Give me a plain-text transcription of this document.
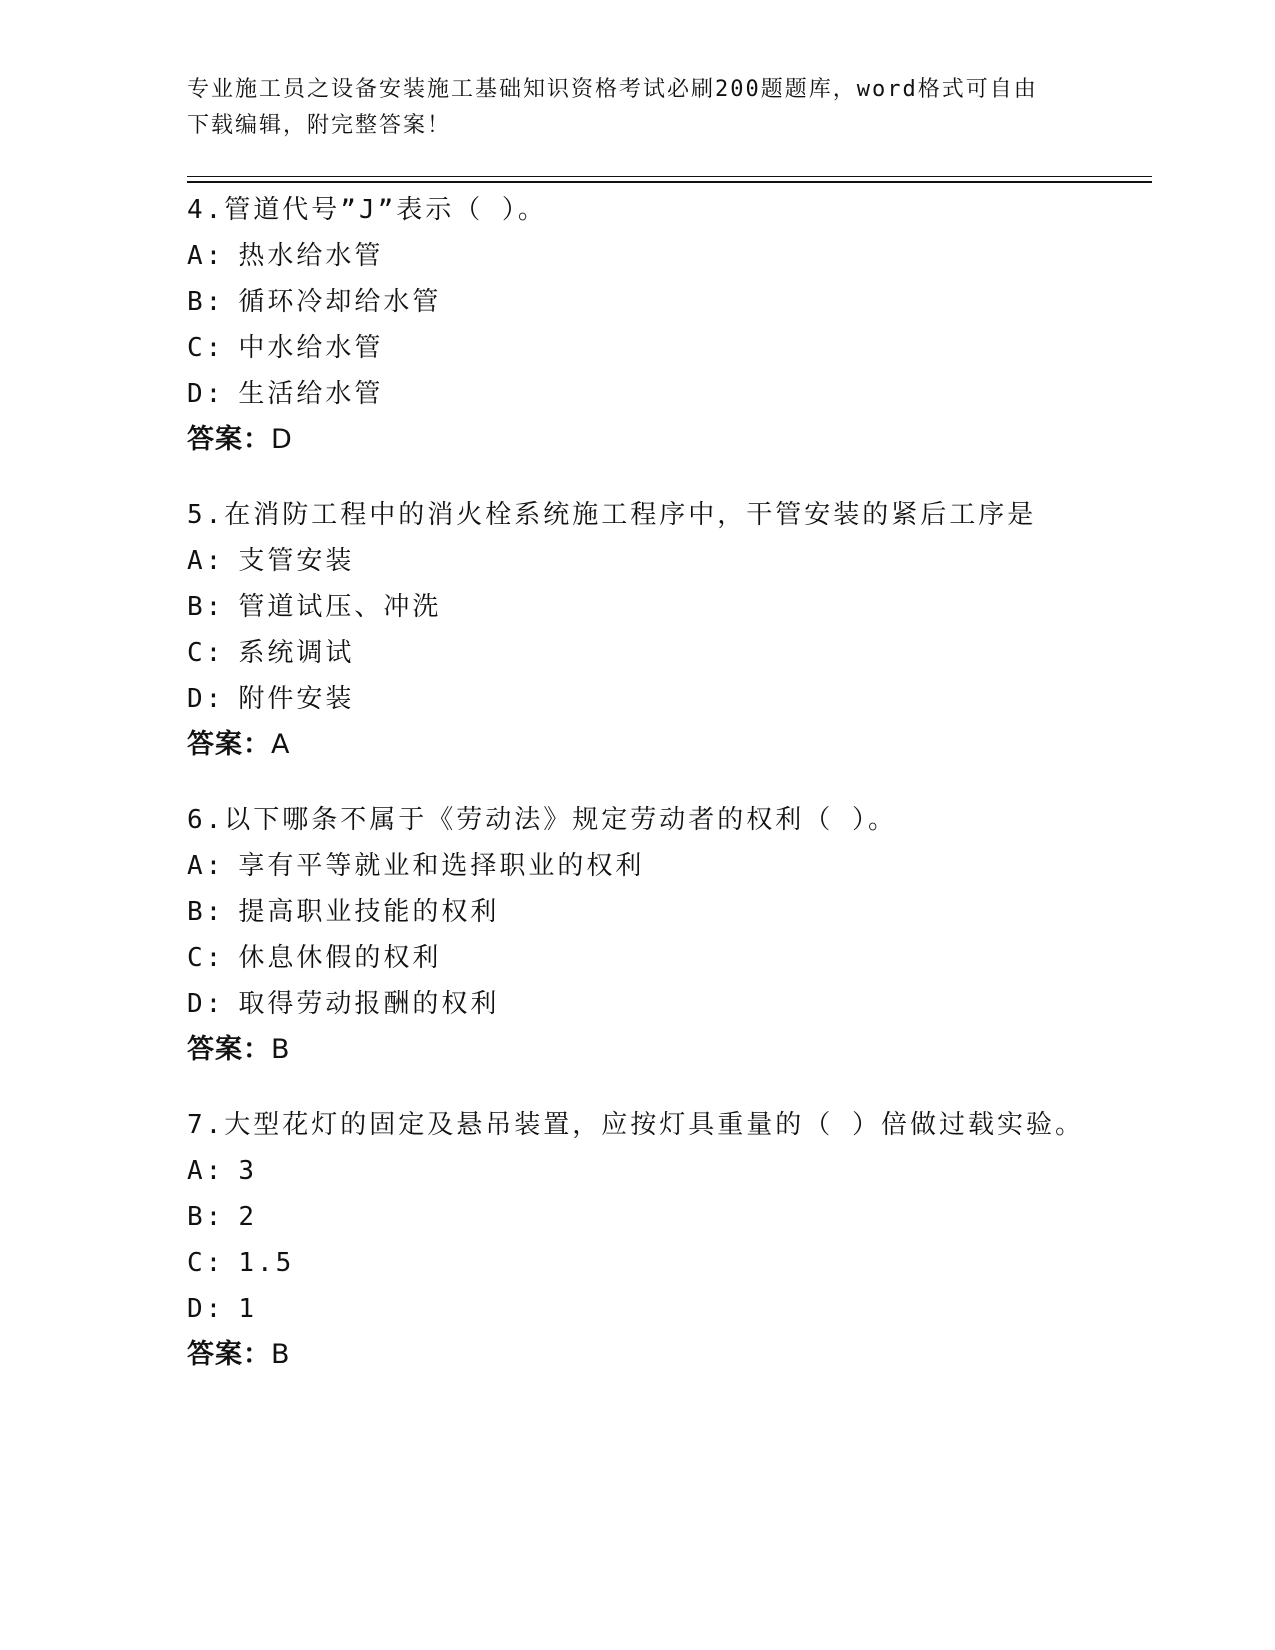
专业施工员之设备安装施工基础知识资格考试必刷200题题库，word格式可自由
下载编辑，附完整答案！
4.管道代号”J”表示（ ）。
A: 热水给水管
B: 循环冷却给水管
C: 中水给水管
D: 生活给水管
答案：D
5.在消防工程中的消火栓系统施工程序中，干管安装的紧后工序是
A: 支管安装
B: 管道试压、冲洗
C: 系统调试
D: 附件安装
答案：A
6.以下哪条不属于《劳动法》规定劳动者的权利（ ）。
A: 享有平等就业和选择职业的权利
B: 提高职业技能的权利
C: 休息休假的权利
D: 取得劳动报酬的权利
答案：B
7.大型花灯的固定及悬吊装置，应按灯具重量的（ ）倍做过载实验。
A: 3
B: 2
C: 1.5
D: 1
答案：B
